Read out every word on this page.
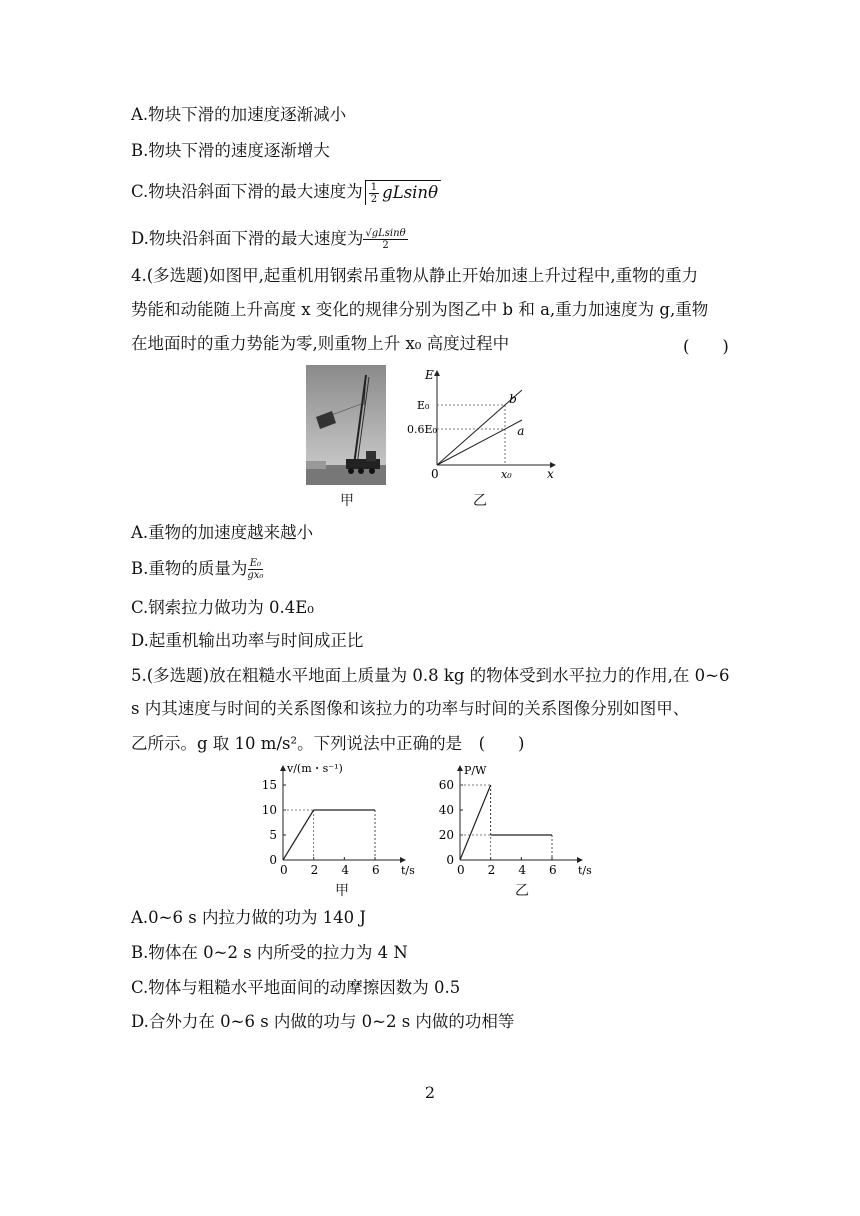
A.物块下滑的加速度逐渐减小
B.物块下滑的速度逐渐增大
C.物块沿斜面下滑的最大速度为 $\frac{1}{2}$ gLsinθ
D.物块沿斜面下滑的最大速度为 $\frac{√gLsin\theta}{2}$
4.(多选题)如图甲,起重机用钢索吊重物从静止开始加速上升过程中,重物的重力
势能和动能随上升高度 x 变化的规律分别为图乙中 b 和 a,重力加速度为 g,重物
在地面时的重力势能为零,则重物上升 x₀ 高度过程中	(　　)
E
x
0
b
a
E₀
0.6E₀
x₀
甲	乙
A.重物的加速度越来越小
B.重物的质量为 $\frac{\text{E₀}}{\text{gx₀}}$
C.钢索拉力做功为 0.4E₀
D.起重机输出功率与时间成正比
5.(多选题)放在粗糙水平地面上质量为 0.8 kg 的物体受到水平拉力的作用,在 0~6
s 内其速度与时间的关系图像和该拉力的功率与时间的关系图像分别如图甲、
乙所示。g 取 10 m/s²。下列说法中正确的是　(　　)
v/(m・s⁻¹)
t/s
0 2 4 6
0
5
10
15
甲
P/W
t/s
0 2 4 6
0
20
40
60
乙
A.0~6 s 内拉力做的功为 140 J
B.物体在 0~2 s 内所受的拉力为 4 N
C.物体与粗糙水平地面间的动摩擦因数为 0.5
D.合外力在 0~6 s 内做的功与 0~2 s 内做的功相等
2
